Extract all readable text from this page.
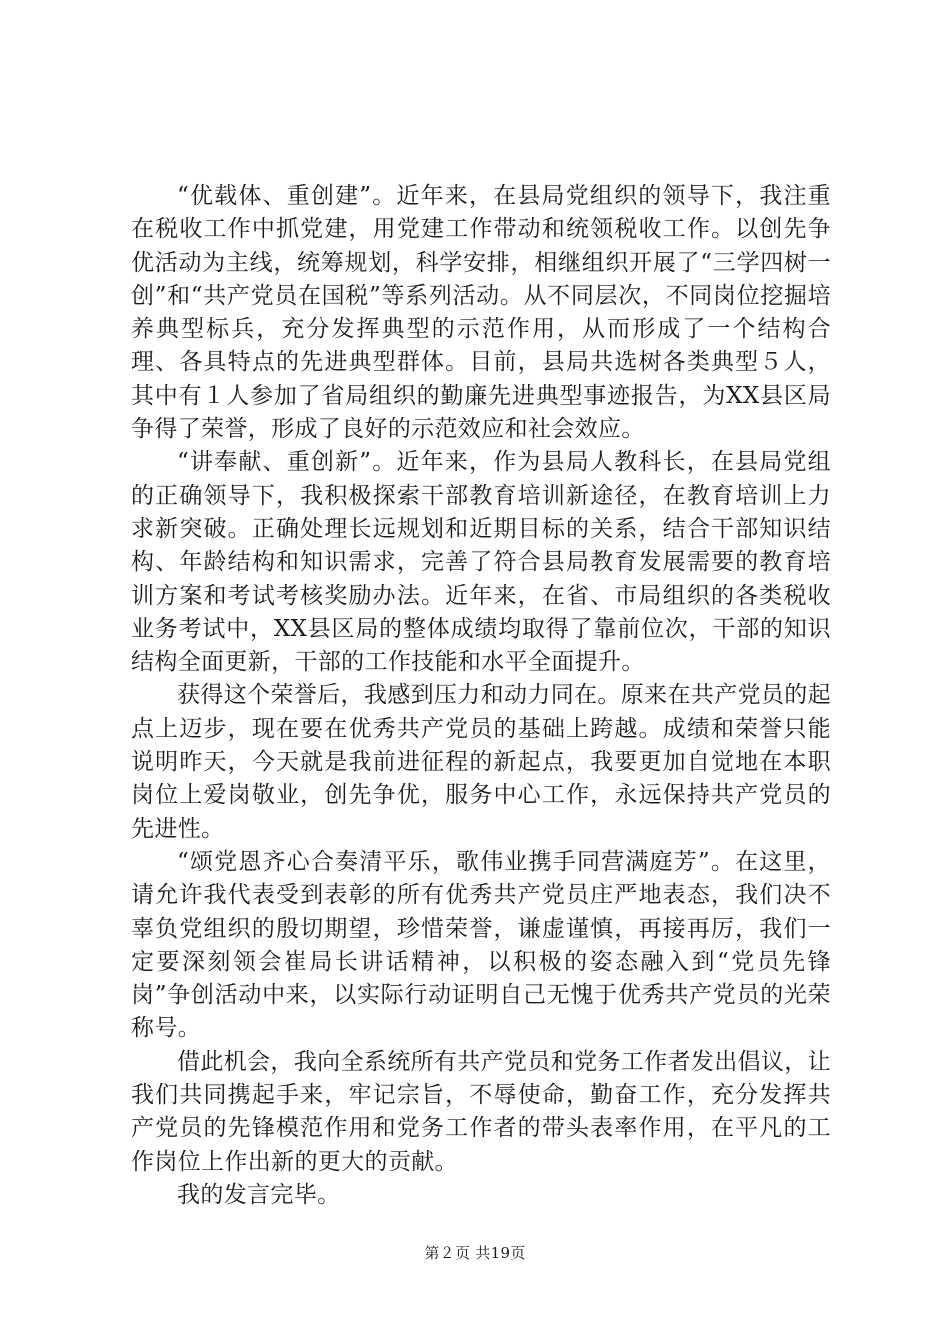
“优载体、重创建”。近年来，在县局党组织的领导下，我注重在税收工作中抓党建，用党建工作带动和统领税收工作。以创先争优活动为主线，统筹规划，科学安排，相继组织开展了“三学四树一创”和“共产党员在国税”等系列活动。从不同层次，不同岗位挖掘培养典型标兵，充分发挥典型的示范作用，从而形成了一个结构合理、各具特点的先进典型群体。目前，县局共选树各类典型５人，其中有１人参加了省局组织的勤廉先进典型事迹报告，为XX县区局争得了荣誉，形成了良好的示范效应和社会效应。

“讲奉献、重创新”。近年来，作为县局人教科长，在县局党组的正确领导下，我积极探索干部教育培训新途径，在教育培训上力求新突破。正确处理长远规划和近期目标的关系，结合干部知识结构、年龄结构和知识需求，完善了符合县局教育发展需要的教育培训方案和考试考核奖励办法。近年来，在省、市局组织的各类税收业务考试中，XX县区局的整体成绩均取得了靠前位次，干部的知识结构全面更新，干部的工作技能和水平全面提升。

获得这个荣誉后，我感到压力和动力同在。原来在共产党员的起点上迈步，现在要在优秀共产党员的基础上跨越。成绩和荣誉只能说明昨天，今天就是我前进征程的新起点，我要更加自觉地在本职岗位上爱岗敬业，创先争优，服务中心工作，永远保持共产党员的先进性。

“颂党恩齐心合奏清平乐，歌伟业携手同营满庭芳”。在这里，请允许我代表受到表彰的所有优秀共产党员庄严地表态，我们决不辜负党组织的殷切期望，珍惜荣誉，谦虚谨慎，再接再厉，我们一定要深刻领会崔局长讲话精神，以积极的姿态融入到“党员先锋岗”争创活动中来，以实际行动证明自己无愧于优秀共产党员的光荣称号。

借此机会，我向全系统所有共产党员和党务工作者发出倡议，让我们共同携起手来，牢记宗旨，不辱使命，勤奋工作，充分发挥共产党员的先锋模范作用和党务工作者的带头表率作用，在平凡的工作岗位上作出新的更大的贡献。

我的发言完毕。

第２页 共19页
